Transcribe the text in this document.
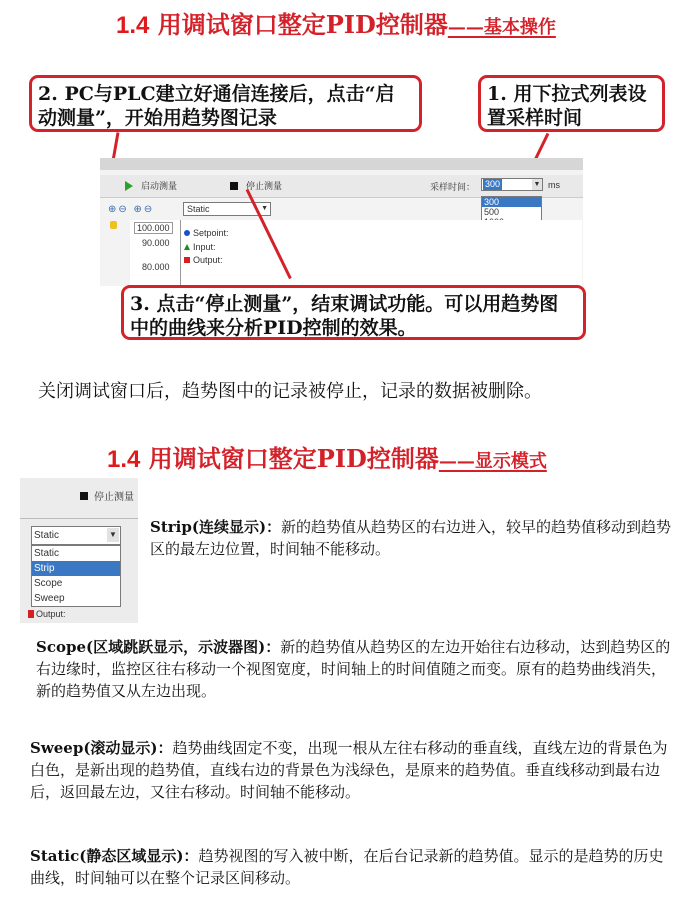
1.4 用调试窗口整定PID控制器——基本操作
2. PC与PLC建立好通信连接后，点击“启动测量”，开始用趋势图记录
1. 用下拉式列表设置采样时间
启动测量	停止测量	采样时间： 300	▼ ms
300
500
⊕⊖ ⊕⊖	Static	▼
100.000
90.000
80.000
Setpoint:
Input:
Output:
3. 点击“停止测量”，结束调试功能。可以用趋势图中的曲线来分析PID控制的效果。
关闭调试窗口后，趋势图中的记录被停止，记录的数据被删除。
1.4 用调试窗口整定PID控制器——显示模式
停止测量
Static	▼
Static
Strip
Scope
Sweep
Output:
Strip(连续显示)：新的趋势值从趋势区的右边进入，较早的趋势值移动到趋势区的最左边位置，时间轴不能移动。
Scope(区域跳跃显示，示波器图)：新的趋势值从趋势区的左边开始往右边移动，达到趋势区的右边缘时，监控区往右移动一个视图宽度，时间轴上的时间值随之而变。原有的趋势曲线消失，新的趋势值又从左边出现。
Sweep(滚动显示)：趋势曲线固定不变，出现一根从左往右移动的垂直线，直线左边的背景色为白色，是新出现的趋势值，直线右边的背景色为浅绿色，是原来的趋势值。垂直线移动到最右边后，返回最左边，又往右移动。时间轴不能移动。
Static(静态区域显示)：趋势视图的写入被中断，在后台记录新的趋势值。显示的是趋势的历史曲线，时间轴可以在整个记录区间移动。
